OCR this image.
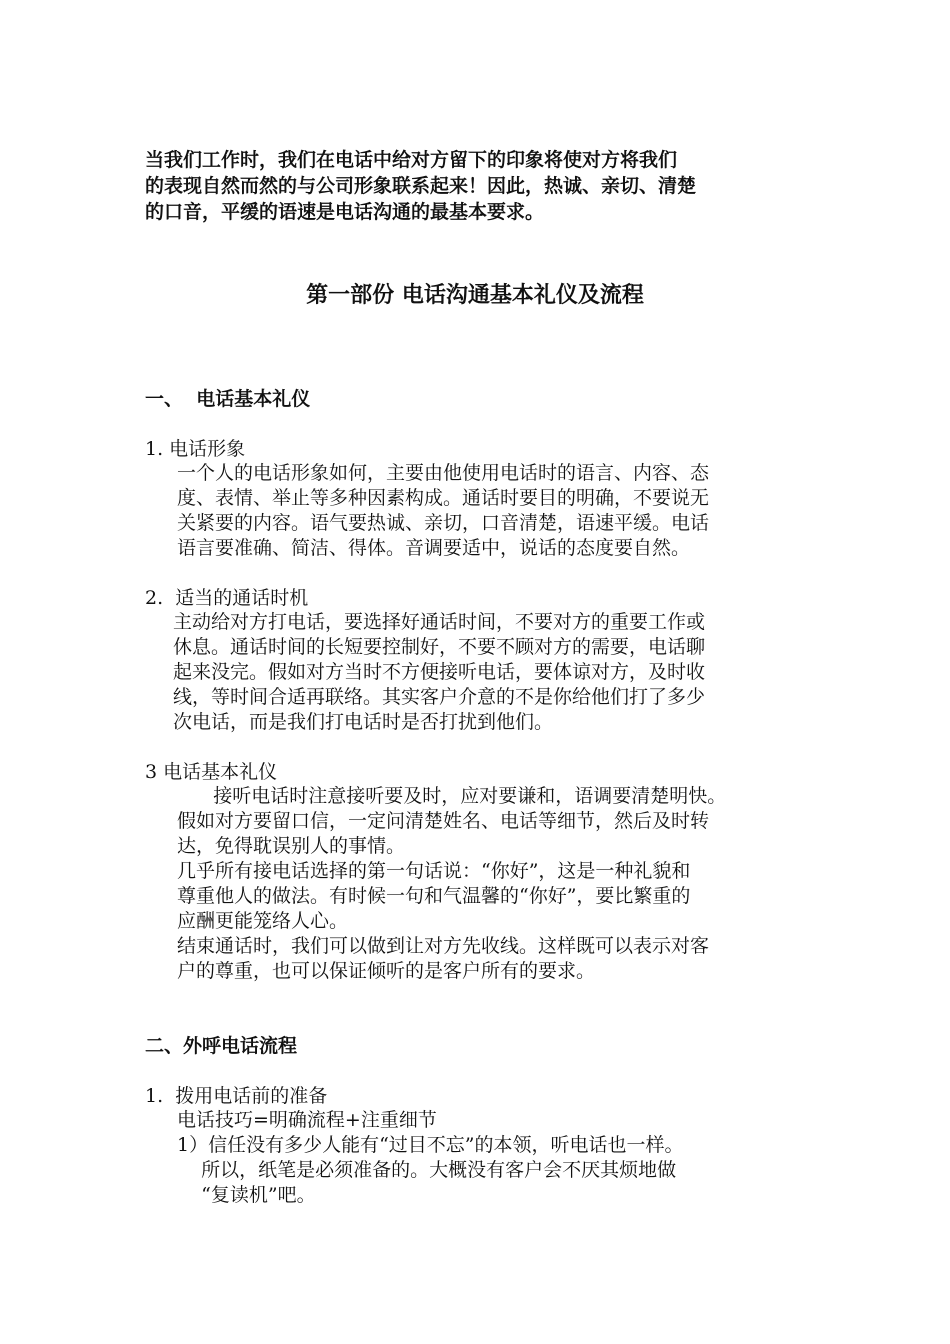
当我们工作时，我们在电话中给对方留下的印象将使对方将我们
的表现自然而然的与公司形象联系起来！因此，热诚、亲切、清楚
的口音，平缓的语速是电话沟通的最基本要求。
第一部份 电话沟通基本礼仪及流程
一、  电话基本礼仪
1. 电话形象
一个人的电话形象如何，主要由他使用电话时的语言、内容、态
度、表情、举止等多种因素构成。通话时要目的明确，不要说无
关紧要的内容。语气要热诚、亲切，口音清楚，语速平缓。电话
语言要准确、简洁、得体。音调要适中，说话的态度要自然。
2.  适当的通话时机
主动给对方打电话，要选择好通话时间，不要对方的重要工作或
休息。通话时间的长短要控制好，不要不顾对方的需要，电话聊
起来没完。假如对方当时不方便接听电话，要体谅对方，及时收
线，等时间合适再联络。其实客户介意的不是你给他们打了多少
次电话，而是我们打电话时是否打扰到他们。
3 电话基本礼仪
接听电话时注意接听要及时，应对要谦和，语调要清楚明快。
假如对方要留口信，一定问清楚姓名、电话等细节，然后及时转
达，免得耽误别人的事情。
几乎所有接电话选择的第一句话说：“你好”，这是一种礼貌和
尊重他人的做法。有时候一句和气温馨的“你好”，要比繁重的
应酬更能笼络人心。
结束通话时，我们可以做到让对方先收线。这样既可以表示对客
户的尊重，也可以保证倾听的是客户所有的要求。
二、外呼电话流程
1.  拨用电话前的准备
电话技巧=明确流程+注重细节
1）信任没有多少人能有“过目不忘”的本领，听电话也一样。
所以，纸笔是必须准备的。大概没有客户会不厌其烦地做
“复读机”吧。
